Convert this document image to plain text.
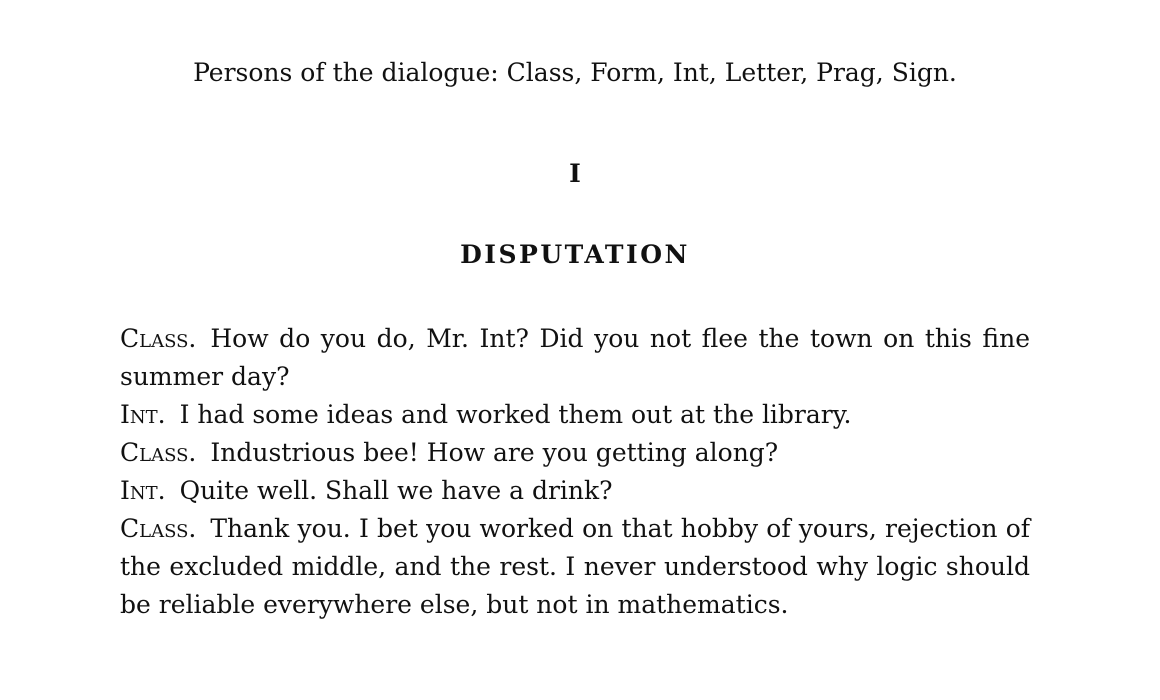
Persons of the dialogue: Class, Form, Int, Letter, Prag, Sign.
I
DISPUTATION

Class. How do you do, Mr. Int? Did you not flee the town on this fine summer day?

Int. I had some ideas and worked them out at the library.

Class. Industrious bee! How are you getting along?

Int. Quite well. Shall we have a drink?

Class. Thank you. I bet you worked on that hobby of yours, rejection of the excluded middle, and the rest. I never understood why logic should be reliable everywhere else, but not in mathematics.
